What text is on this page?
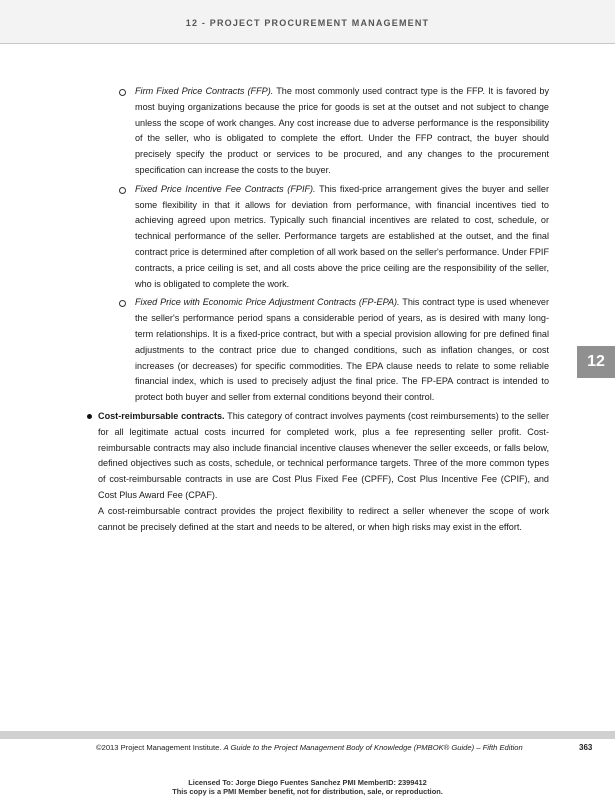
12 - PROJECT PROCUREMENT MANAGEMENT
Firm Fixed Price Contracts (FFP). The most commonly used contract type is the FFP. It is favored by most buying organizations because the price for goods is set at the outset and not subject to change unless the scope of work changes. Any cost increase due to adverse performance is the responsibility of the seller, who is obligated to complete the effort. Under the FFP contract, the buyer should precisely specify the product or services to be procured, and any changes to the procurement specification can increase the costs to the buyer.
Fixed Price Incentive Fee Contracts (FPIF). This fixed-price arrangement gives the buyer and seller some flexibility in that it allows for deviation from performance, with financial incentives tied to achieving agreed upon metrics. Typically such financial incentives are related to cost, schedule, or technical performance of the seller. Performance targets are established at the outset, and the final contract price is determined after completion of all work based on the seller's performance. Under FPIF contracts, a price ceiling is set, and all costs above the price ceiling are the responsibility of the seller, who is obligated to complete the work.
Fixed Price with Economic Price Adjustment Contracts (FP-EPA). This contract type is used whenever the seller's performance period spans a considerable period of years, as is desired with many long-term relationships. It is a fixed-price contract, but with a special provision allowing for pre defined final adjustments to the contract price due to changed conditions, such as inflation changes, or cost increases (or decreases) for specific commodities. The EPA clause needs to relate to some reliable financial index, which is used to precisely adjust the final price. The FP-EPA contract is intended to protect both buyer and seller from external conditions beyond their control.

Cost-reimbursable contracts. This category of contract involves payments (cost reimbursements) to the seller for all legitimate actual costs incurred for completed work, plus a fee representing seller profit. Cost-reimbursable contracts may also include financial incentive clauses whenever the seller exceeds, or falls below, defined objectives such as costs, schedule, or technical performance targets. Three of the more common types of cost-reimbursable contracts in use are Cost Plus Fixed Fee (CPFF), Cost Plus Incentive Fee (CPIF), and Cost Plus Award Fee (CPAF).

A cost-reimbursable contract provides the project flexibility to redirect a seller whenever the scope of work cannot be precisely defined at the start and needs to be altered, or when high risks may exist in the effort.

12
©2013 Project Management Institute. A Guide to the Project Management Body of Knowledge (PMBOK® Guide) – Fifth Edition	363
Licensed To: Jorge Diego Fuentes Sanchez PMI MemberID: 2399412
This copy is a PMI Member benefit, not for distribution, sale, or reproduction.
